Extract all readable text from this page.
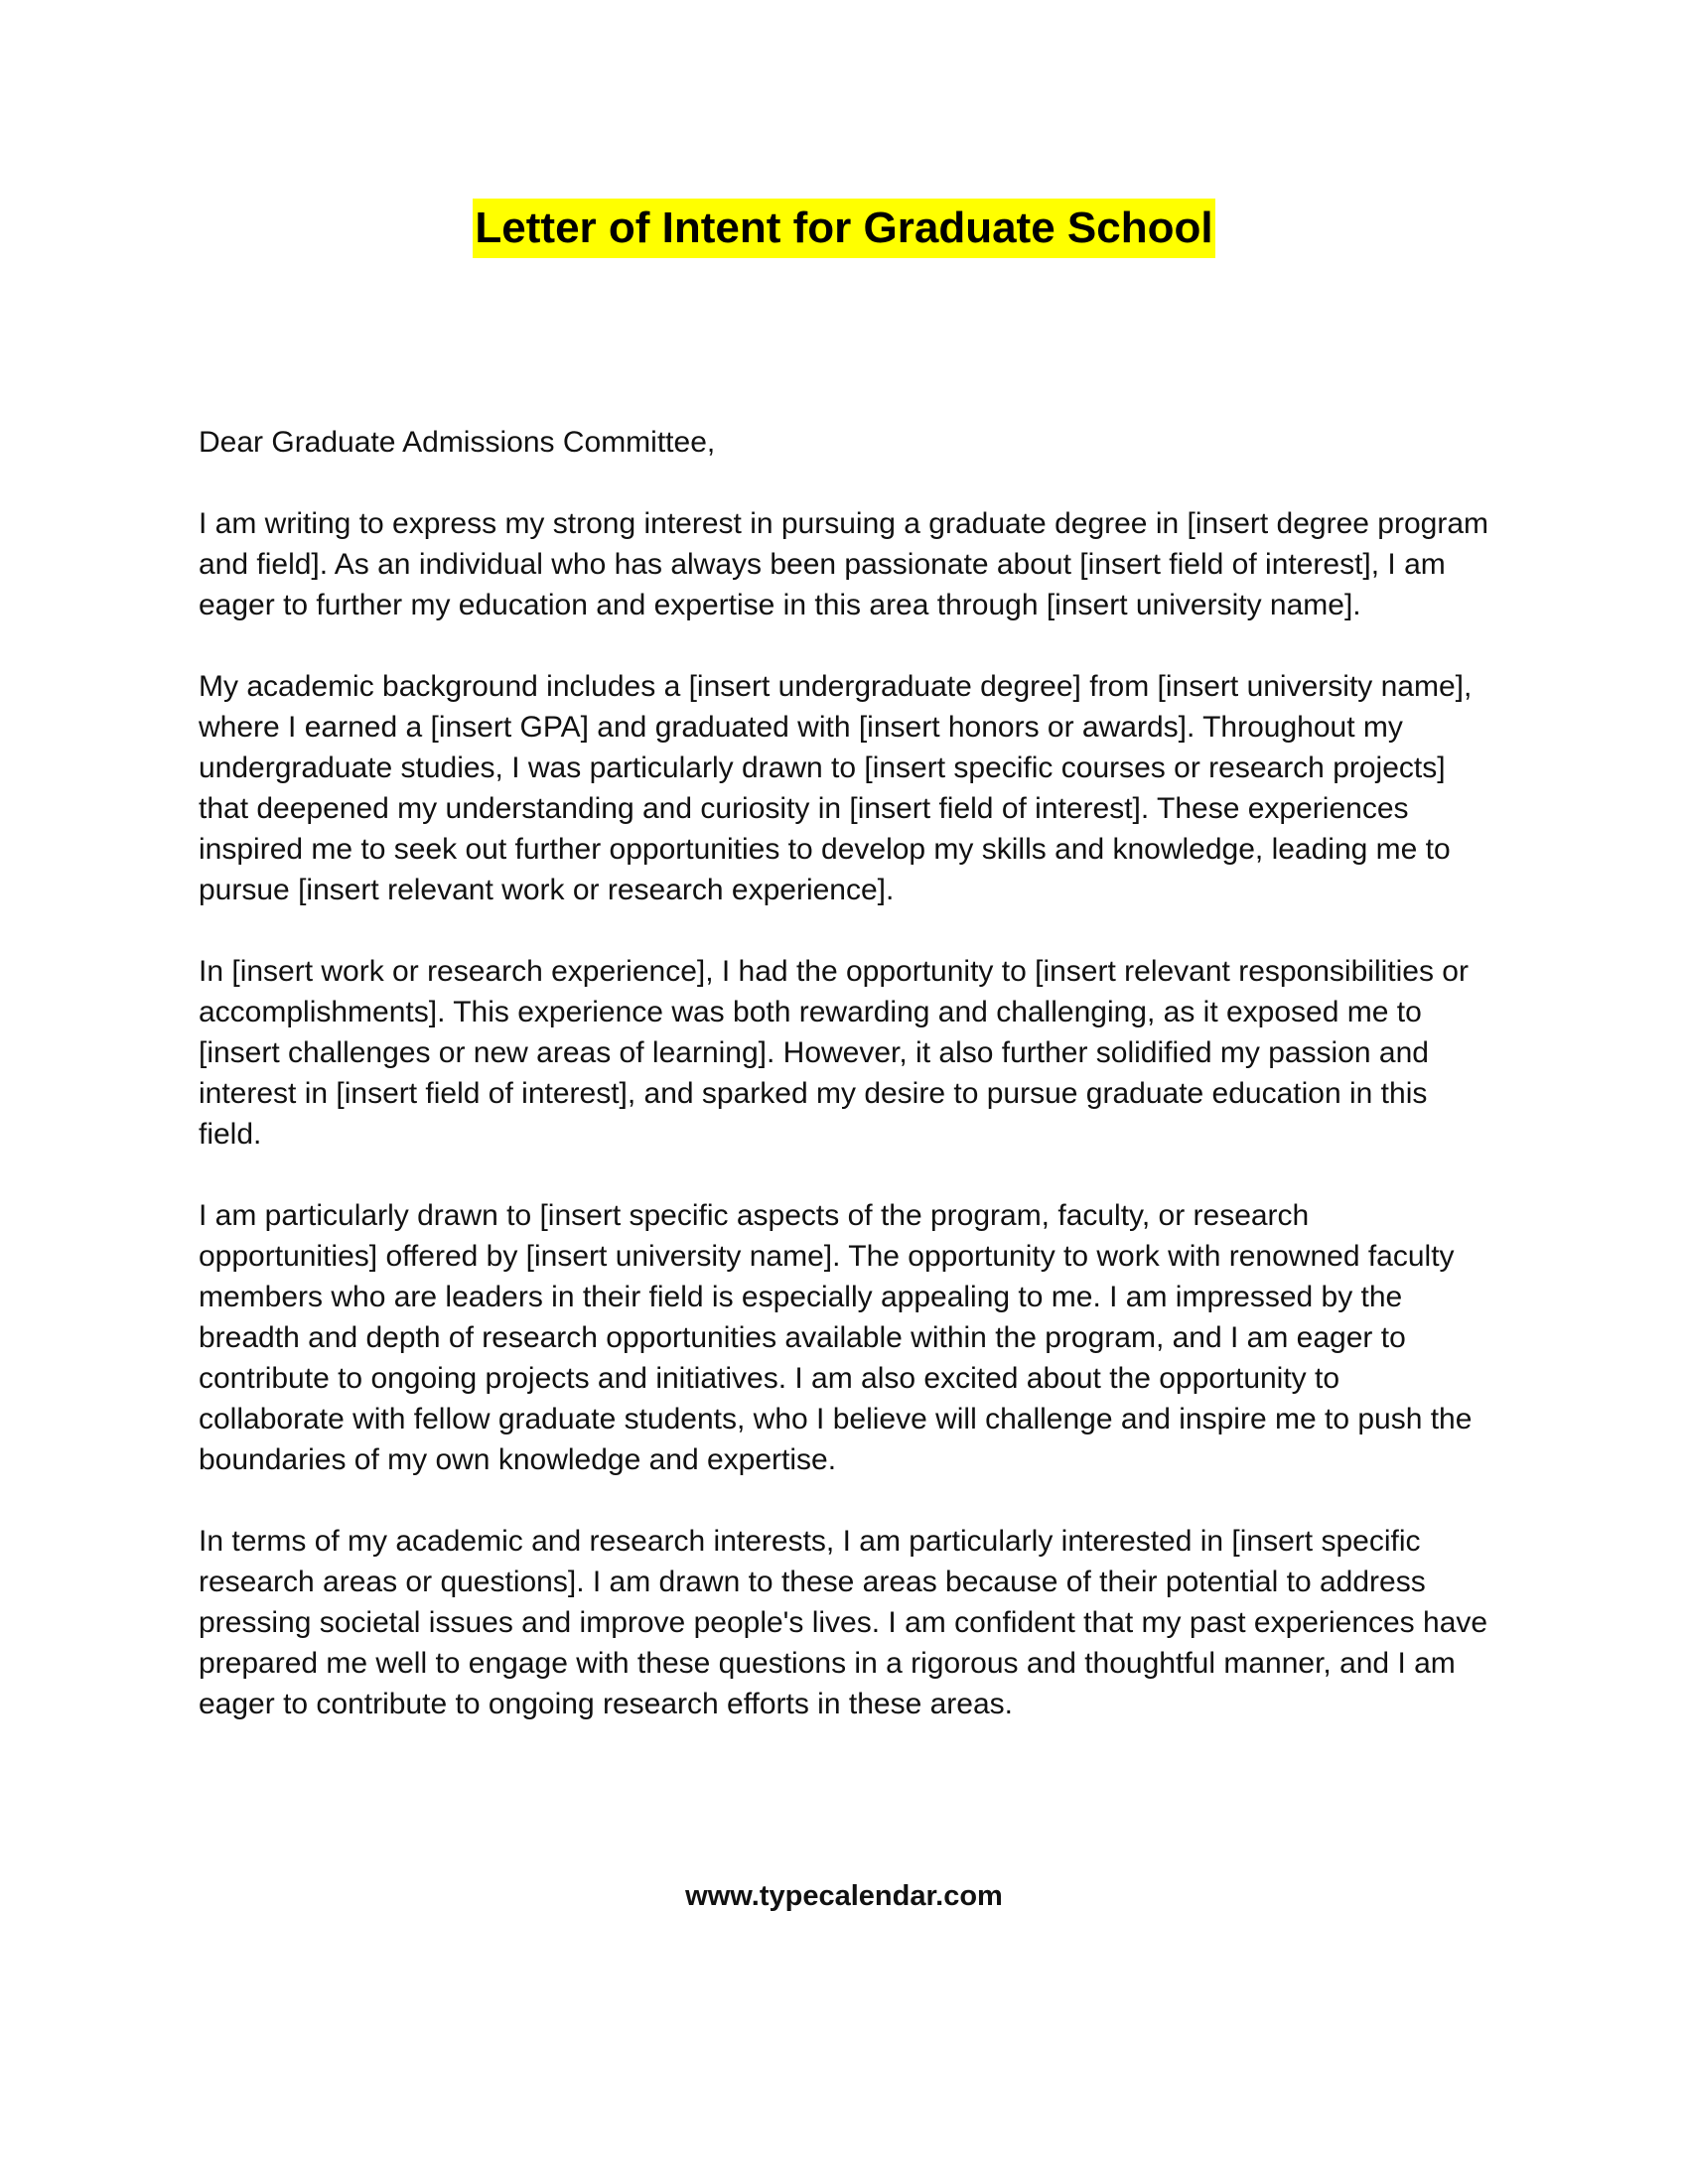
Letter of Intent for Graduate School

Dear Graduate Admissions Committee,

I am writing to express my strong interest in pursuing a graduate degree in [insert degree program and field]. As an individual who has always been passionate about [insert field of interest], I am eager to further my education and expertise in this area through [insert university name].

My academic background includes a [insert undergraduate degree] from [insert university name], where I earned a [insert GPA] and graduated with [insert honors or awards]. Throughout my undergraduate studies, I was particularly drawn to [insert specific courses or research projects] that deepened my understanding and curiosity in [insert field of interest]. These experiences inspired me to seek out further opportunities to develop my skills and knowledge, leading me to pursue [insert relevant work or research experience].

In [insert work or research experience], I had the opportunity to [insert relevant responsibilities or accomplishments]. This experience was both rewarding and challenging, as it exposed me to [insert challenges or new areas of learning]. However, it also further solidified my passion and interest in [insert field of interest], and sparked my desire to pursue graduate education in this field.

I am particularly drawn to [insert specific aspects of the program, faculty, or research opportunities] offered by [insert university name]. The opportunity to work with renowned faculty members who are leaders in their field is especially appealing to me. I am impressed by the breadth and depth of research opportunities available within the program, and I am eager to contribute to ongoing projects and initiatives. I am also excited about the opportunity to collaborate with fellow graduate students, who I believe will challenge and inspire me to push the boundaries of my own knowledge and expertise.

In terms of my academic and research interests, I am particularly interested in [insert specific research areas or questions]. I am drawn to these areas because of their potential to address pressing societal issues and improve people's lives. I am confident that my past experiences have prepared me well to engage with these questions in a rigorous and thoughtful manner, and I am eager to contribute to ongoing research efforts in these areas.

www.typecalendar.com
